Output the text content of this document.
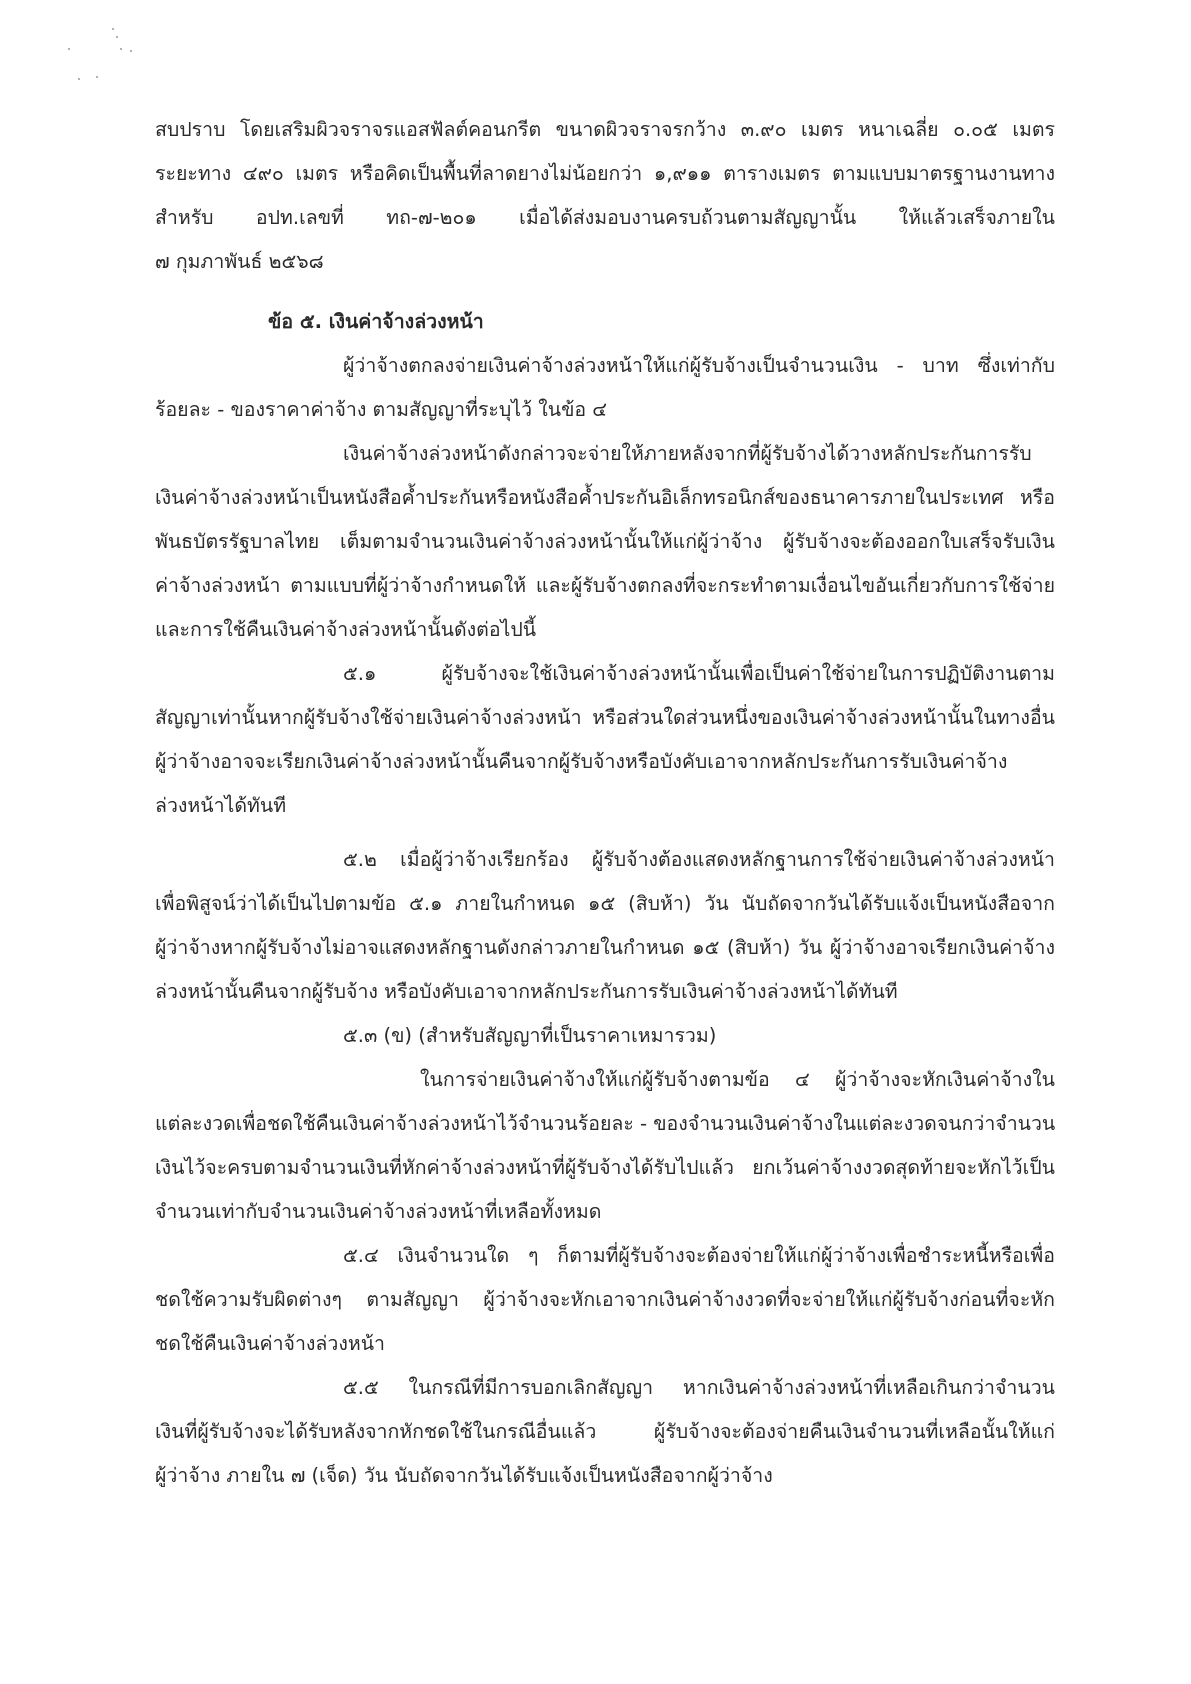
สบปราบ โดยเสริมผิวจราจรแอสฟัลต์คอนกรีต ขนาดผิวจราจรกว้าง ๓.๙๐ เมตร หนาเฉลี่ย ๐.๐๕ เมตร
ระยะทาง ๔๙๐ เมตร หรือคิดเป็นพื้นที่ลาดยางไม่น้อยกว่า ๑,๙๑๑ ตารางเมตร ตามแบบมาตรฐานงานทาง
สำหรับ อปท.เลขที่ ทถ-๗-๒๐๑ เมื่อได้ส่งมอบงานครบถ้วนตามสัญญานั้น ให้แล้วเสร็จภายใน
๗ กุมภาพันธ์ ๒๕๖๘
ข้อ ๕. เงินค่าจ้างล่วงหน้า
ผู้ว่าจ้างตกลงจ่ายเงินค่าจ้างล่วงหน้าให้แก่ผู้รับจ้างเป็นจำนวนเงิน - บาท ซึ่งเท่ากับ
ร้อยละ - ของราคาค่าจ้าง ตามสัญญาที่ระบุไว้ ในข้อ ๔
เงินค่าจ้างล่วงหน้าดังกล่าวจะจ่ายให้ภายหลังจากที่ผู้รับจ้างได้วางหลักประกันการรับ
เงินค่าจ้างล่วงหน้าเป็นหนังสือค้ำประกันหรือหนังสือค้ำประกันอิเล็กทรอนิกส์ของธนาคารภายในประเทศ หรือ
พันธบัตรรัฐบาลไทย เต็มตามจำนวนเงินค่าจ้างล่วงหน้านั้นให้แก่ผู้ว่าจ้าง ผู้รับจ้างจะต้องออกใบเสร็จรับเงิน
ค่าจ้างล่วงหน้า ตามแบบที่ผู้ว่าจ้างกำหนดให้ และผู้รับจ้างตกลงที่จะกระทำตามเงื่อนไขอันเกี่ยวกับการใช้จ่าย
และการใช้คืนเงินค่าจ้างล่วงหน้านั้นดังต่อไปนี้
๕.๑ ผู้รับจ้างจะใช้เงินค่าจ้างล่วงหน้านั้นเพื่อเป็นค่าใช้จ่ายในการปฏิบัติงานตาม
สัญญาเท่านั้นหากผู้รับจ้างใช้จ่ายเงินค่าจ้างล่วงหน้า หรือส่วนใดส่วนหนึ่งของเงินค่าจ้างล่วงหน้านั้นในทางอื่น
ผู้ว่าจ้างอาจจะเรียกเงินค่าจ้างล่วงหน้านั้นคืนจากผู้รับจ้างหรือบังคับเอาจากหลักประกันการรับเงินค่าจ้าง
ล่วงหน้าได้ทันที
๕.๒ เมื่อผู้ว่าจ้างเรียกร้อง ผู้รับจ้างต้องแสดงหลักฐานการใช้จ่ายเงินค่าจ้างล่วงหน้า
เพื่อพิสูจน์ว่าได้เป็นไปตามข้อ ๕.๑ ภายในกำหนด ๑๕ (สิบห้า) วัน นับถัดจากวันได้รับแจ้งเป็นหนังสือจาก
ผู้ว่าจ้างหากผู้รับจ้างไม่อาจแสดงหลักฐานดังกล่าวภายในกำหนด ๑๕ (สิบห้า) วัน ผู้ว่าจ้างอาจเรียกเงินค่าจ้าง
ล่วงหน้านั้นคืนจากผู้รับจ้าง หรือบังคับเอาจากหลักประกันการรับเงินค่าจ้างล่วงหน้าได้ทันที
๕.๓ (ข) (สำหรับสัญญาที่เป็นราคาเหมารวม)
ในการจ่ายเงินค่าจ้างให้แก่ผู้รับจ้างตามข้อ ๔ ผู้ว่าจ้างจะหักเงินค่าจ้างใน
แต่ละงวดเพื่อชดใช้คืนเงินค่าจ้างล่วงหน้าไว้จำนวนร้อยละ - ของจำนวนเงินค่าจ้างในแต่ละงวดจนกว่าจำนวน
เงินไว้จะครบตามจำนวนเงินที่หักค่าจ้างล่วงหน้าที่ผู้รับจ้างได้รับไปแล้ว ยกเว้นค่าจ้างงวดสุดท้ายจะหักไว้เป็น
จำนวนเท่ากับจำนวนเงินค่าจ้างล่วงหน้าที่เหลือทั้งหมด
๕.๔ เงินจำนวนใด ๆ ก็ตามที่ผู้รับจ้างจะต้องจ่ายให้แก่ผู้ว่าจ้างเพื่อชำระหนี้หรือเพื่อ
ชดใช้ความรับผิดต่างๆ ตามสัญญา ผู้ว่าจ้างจะหักเอาจากเงินค่าจ้างงวดที่จะจ่ายให้แก่ผู้รับจ้างก่อนที่จะหัก
ชดใช้คืนเงินค่าจ้างล่วงหน้า
๕.๕ ในกรณีที่มีการบอกเลิกสัญญา หากเงินค่าจ้างล่วงหน้าที่เหลือเกินกว่าจำนวน
เงินที่ผู้รับจ้างจะได้รับหลังจากหักชดใช้ในกรณีอื่นแล้ว ผู้รับจ้างจะต้องจ่ายคืนเงินจำนวนที่เหลือนั้นให้แก่
ผู้ว่าจ้าง ภายใน ๗ (เจ็ด) วัน นับถัดจากวันได้รับแจ้งเป็นหนังสือจากผู้ว่าจ้าง
